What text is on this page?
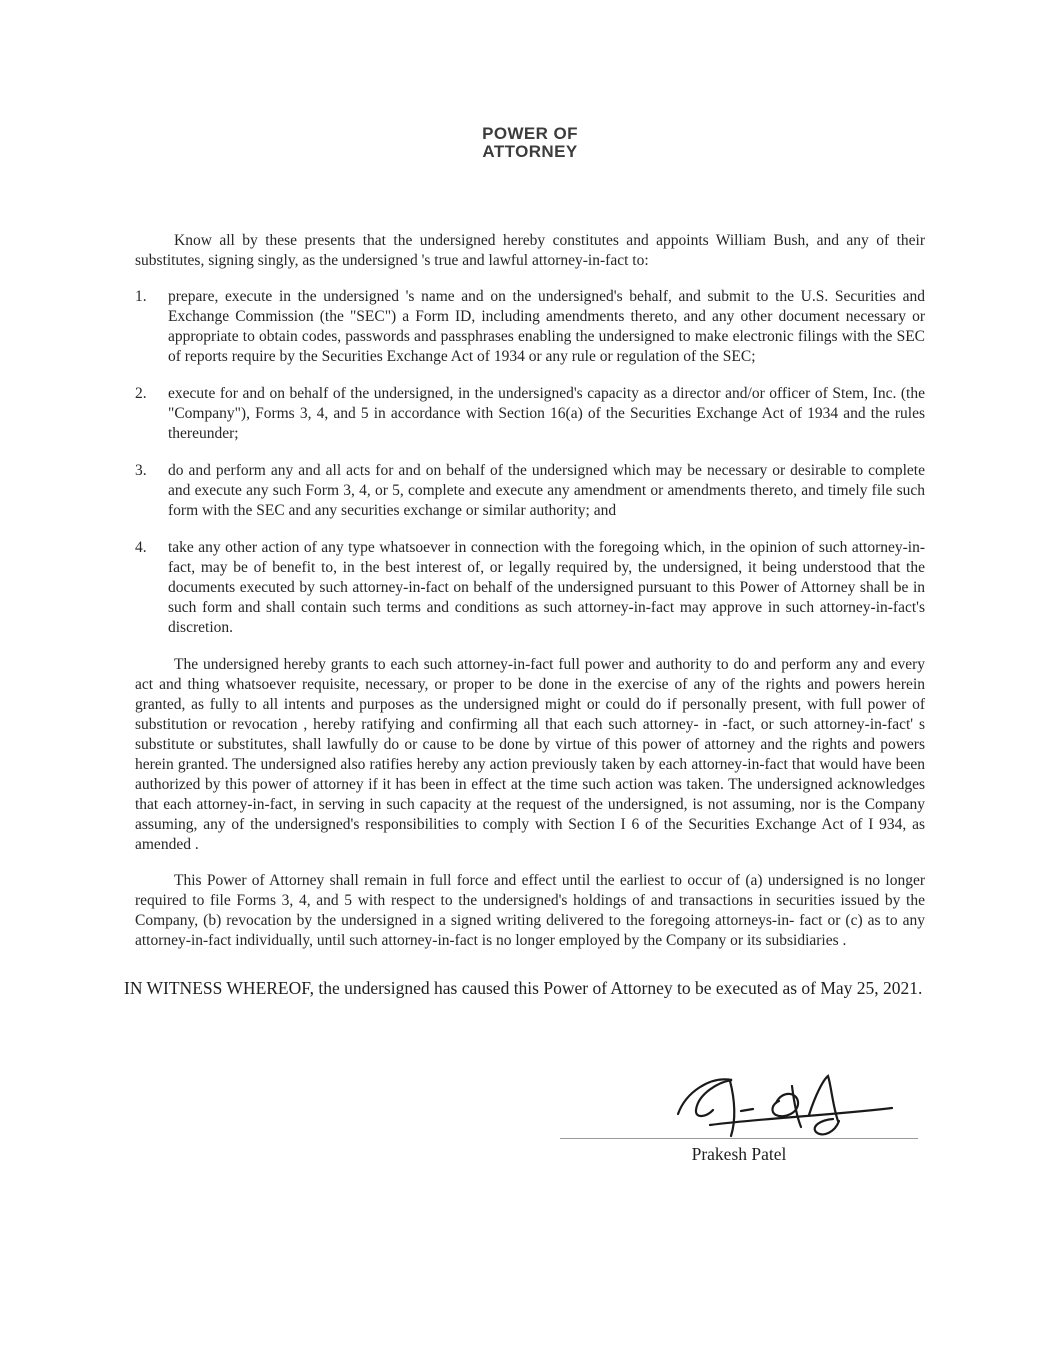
POWER OF
ATTORNEY

Know all by these presents that the undersigned hereby constitutes and appoints William Bush, and any of their substitutes, signing singly, as the undersigned 's true and lawful attorney-in-fact to:

1.	prepare, execute in the undersigned 's name and on the undersigned's behalf, and submit to the U.S. Securities and Exchange Commission (the "SEC") a Form ID, including amendments thereto, and any other document necessary or appropriate to obtain codes, passwords and passphrases enabling the undersigned to make electronic filings with the SEC of reports require by the Securities Exchange Act of 1934 or any rule or regulation of the SEC;
2.	execute for and on behalf of the undersigned, in the undersigned's capacity as a director and/or officer of Stem, Inc. (the "Company"), Forms 3, 4, and 5 in accordance with Section 16(a) of the Securities Exchange Act of 1934 and the rules thereunder;
3.	do and perform any and all acts for and on behalf of the undersigned which may be necessary or desirable to complete and execute any such Form 3, 4, or 5, complete and execute any amendment or amendments thereto, and timely file such form with the SEC and any securities exchange or similar authority; and
4.	take any other action of any type whatsoever in connection with the foregoing which, in the opinion of such attorney-in-fact, may be of benefit to, in the best interest of, or legally required by, the undersigned, it being understood that the documents executed by such attorney-in-fact on behalf of the undersigned pursuant to this Power of Attorney shall be in such form and shall contain such terms and conditions as such attorney-in-fact may approve in such attorney-in-fact's discretion.

The undersigned hereby grants to each such attorney-in-fact full power and authority to do and perform any and every act and thing whatsoever requisite, necessary, or proper to be done in the exercise of any of the rights and powers herein granted, as fully to all intents and purposes as the undersigned might or could do if personally present, with full power of substitution or revocation , hereby ratifying and confirming all that each such attorney- in -fact, or such attorney-in-fact' s substitute or substitutes, shall lawfully do or cause to be done by virtue of this power of attorney and the rights and powers herein granted. The undersigned also ratifies hereby any action previously taken by each attorney-in-fact that would have been authorized by this power of attorney if it has been in effect at the time such action was taken. The undersigned acknowledges that each attorney-in-fact, in serving in such capacity at the request of the undersigned, is not assuming, nor is the Company assuming, any of the undersigned's responsibilities to comply with Section I 6 of the Securities Exchange Act of I 934, as amended .

This Power of Attorney shall remain in full force and effect until the earliest to occur of (a) undersigned is no longer required to file Forms 3, 4, and 5 with respect to the undersigned's holdings of and transactions in securities issued by the Company, (b) revocation by the undersigned in a signed writing delivered to the foregoing attorneys-in- fact or (c) as to any attorney-in-fact individually, until such attorney-in-fact is no longer employed by the Company or its subsidiaries .

IN WITNESS WHEREOF, the undersigned has caused this Power of Attorney to be executed as of May 25, 2021.

Prakesh Patel
